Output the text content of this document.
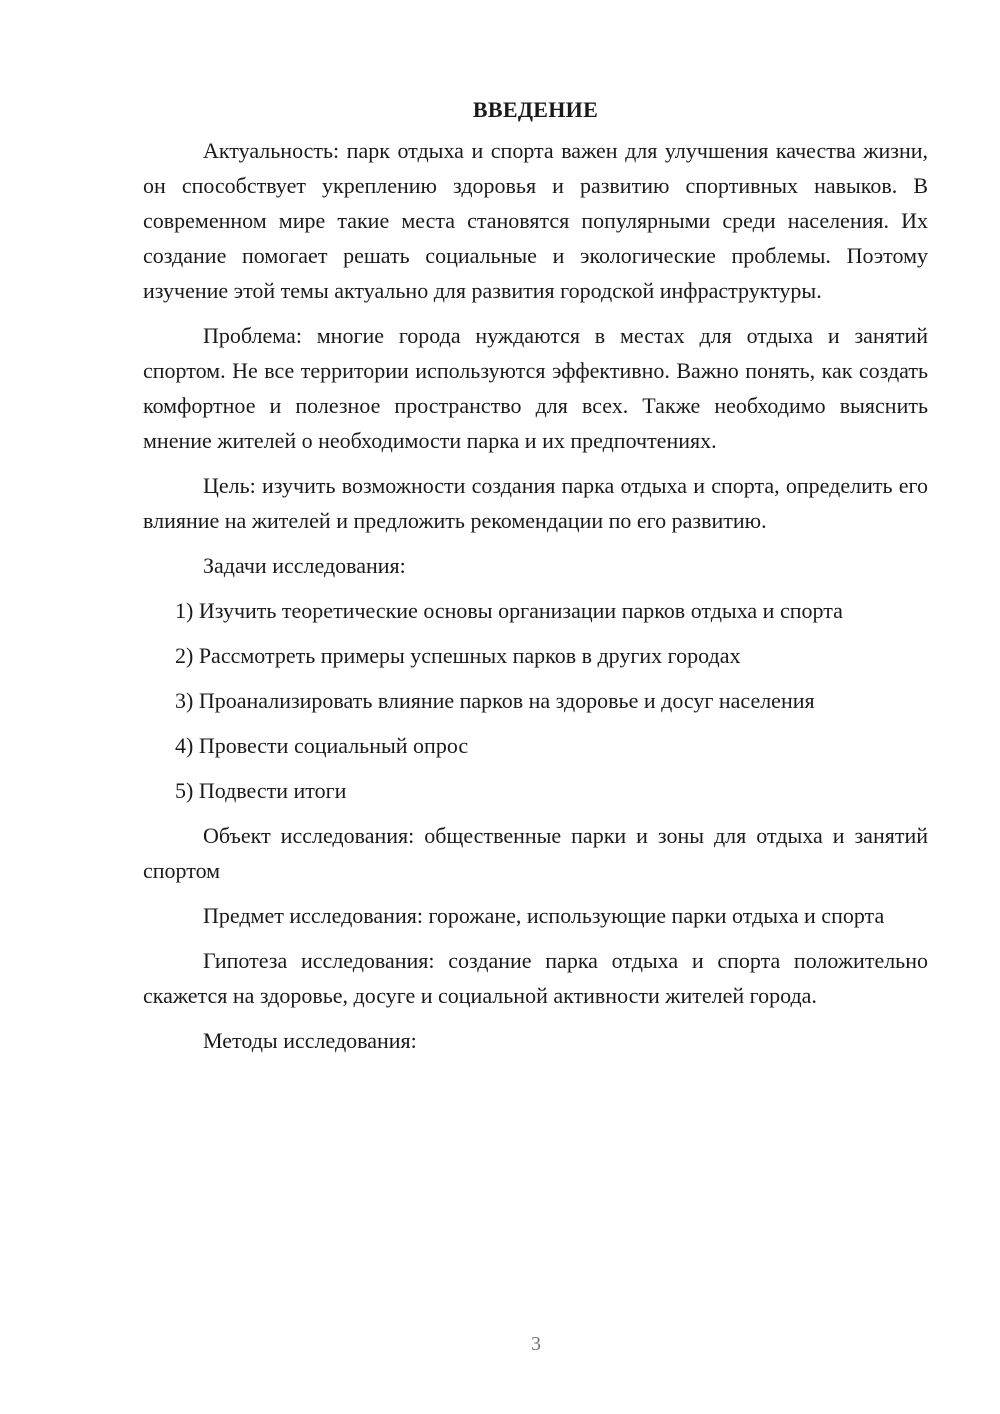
ВВЕДЕНИЕ

Актуальность: парк отдыха и спорта важен для улучшения качества жизни, он способствует укреплению здоровья и развитию спортивных навыков. В современном мире такие места становятся популярными среди населения. Их создание помогает решать социальные и экологические проблемы. Поэтому изучение этой темы актуально для развития городской инфраструктуры.

Проблема: многие города нуждаются в местах для отдыха и занятий спортом. Не все территории используются эффективно. Важно понять, как создать комфортное и полезное пространство для всех. Также необходимо выяснить мнение жителей о необходимости парка и их предпочтениях.

Цель: изучить возможности создания парка отдыха и спорта, определить его влияние на жителей и предложить рекомендации по его развитию.

Задачи исследования:

1) Изучить теоретические основы организации парков отдыха и спорта

2) Рассмотреть примеры успешных парков в других городах

3) Проанализировать влияние парков на здоровье и досуг населения

4) Провести социальный опрос

5) Подвести итоги

Объект исследования: общественные парки и зоны для отдыха и занятий спортом

Предмет исследования: горожане, использующие парки отдыха и спорта

Гипотеза исследования: создание парка отдыха и спорта положительно скажется на здоровье, досуге и социальной активности жителей города.

Методы исследования:

3
